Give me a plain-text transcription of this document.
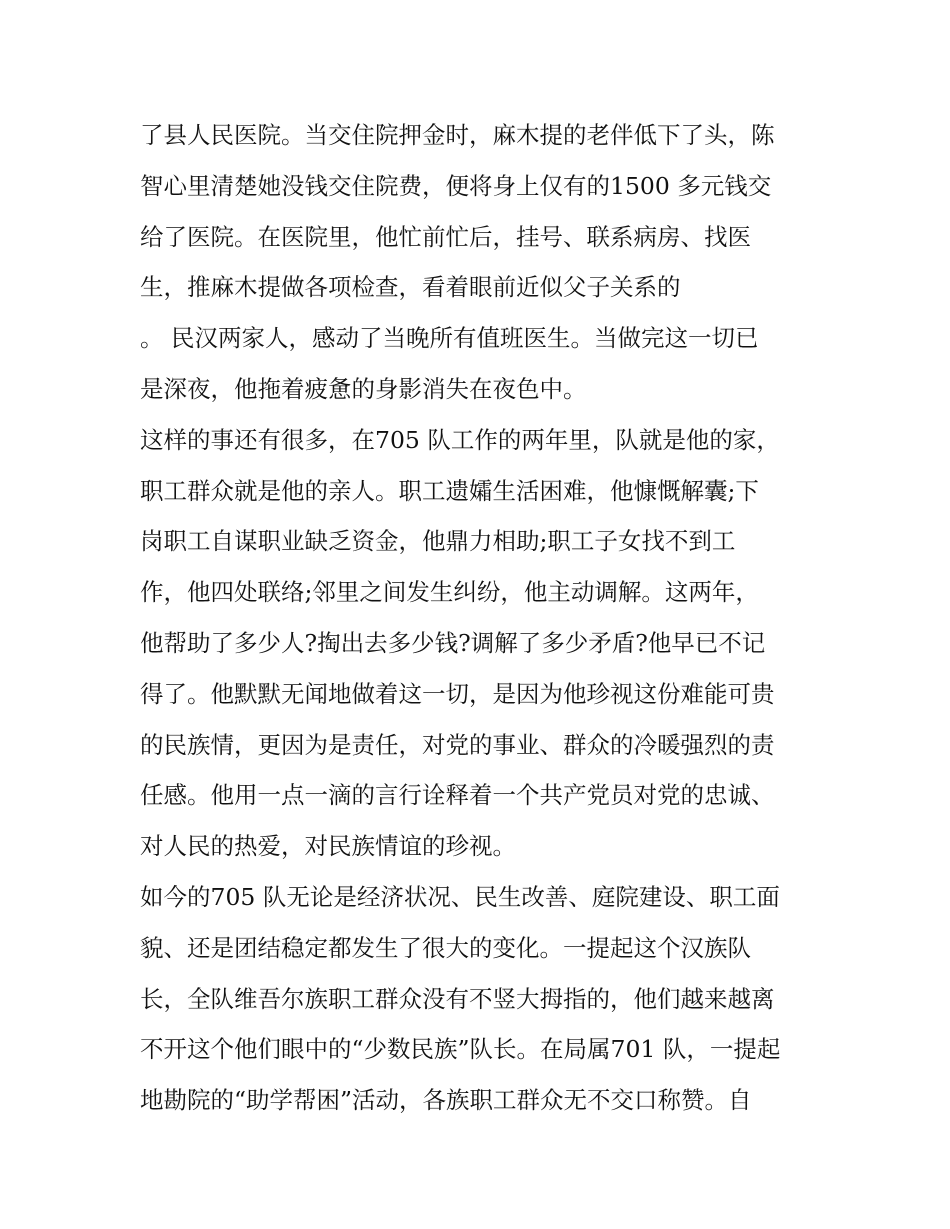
了县人民医院。当交住院押金时，麻木提的老伴低下了头，陈
智心里清楚她没钱交住院费，便将身上仅有的1500 多元钱交
给了医院。在医院里，他忙前忙后，挂号、联系病房、找医
生，推麻木提做各项检查，看着眼前近似父子关系的
。 民汉两家人，感动了当晚所有值班医生。当做完这一切已
是深夜，他拖着疲惫的身影消失在夜色中。
这样的事还有很多，在705 队工作的两年里，队就是他的家，
职工群众就是他的亲人。职工遗孀生活困难，他慷慨解囊;下
岗职工自谋职业缺乏资金，他鼎力相助;职工子女找不到工
作，他四处联络;邻里之间发生纠纷，他主动调解。这两年，
他帮助了多少人?掏出去多少钱?调解了多少矛盾?他早已不记
得了。他默默无闻地做着这一切，是因为他珍视这份难能可贵
的民族情，更因为是责任，对党的事业、群众的冷暖强烈的责
任感。他用一点一滴的言行诠释着一个共产党员对党的忠诚、
对人民的热爱，对民族情谊的珍视。
如今的705 队无论是经济状况、民生改善、庭院建设、职工面
貌、还是团结稳定都发生了很大的变化。一提起这个汉族队
长，全队维吾尔族职工群众没有不竖大拇指的，他们越来越离
不开这个他们眼中的“少数民族”队长。在局属701 队，一提起
地勘院的“助学帮困”活动，各族职工群众无不交口称赞。自
